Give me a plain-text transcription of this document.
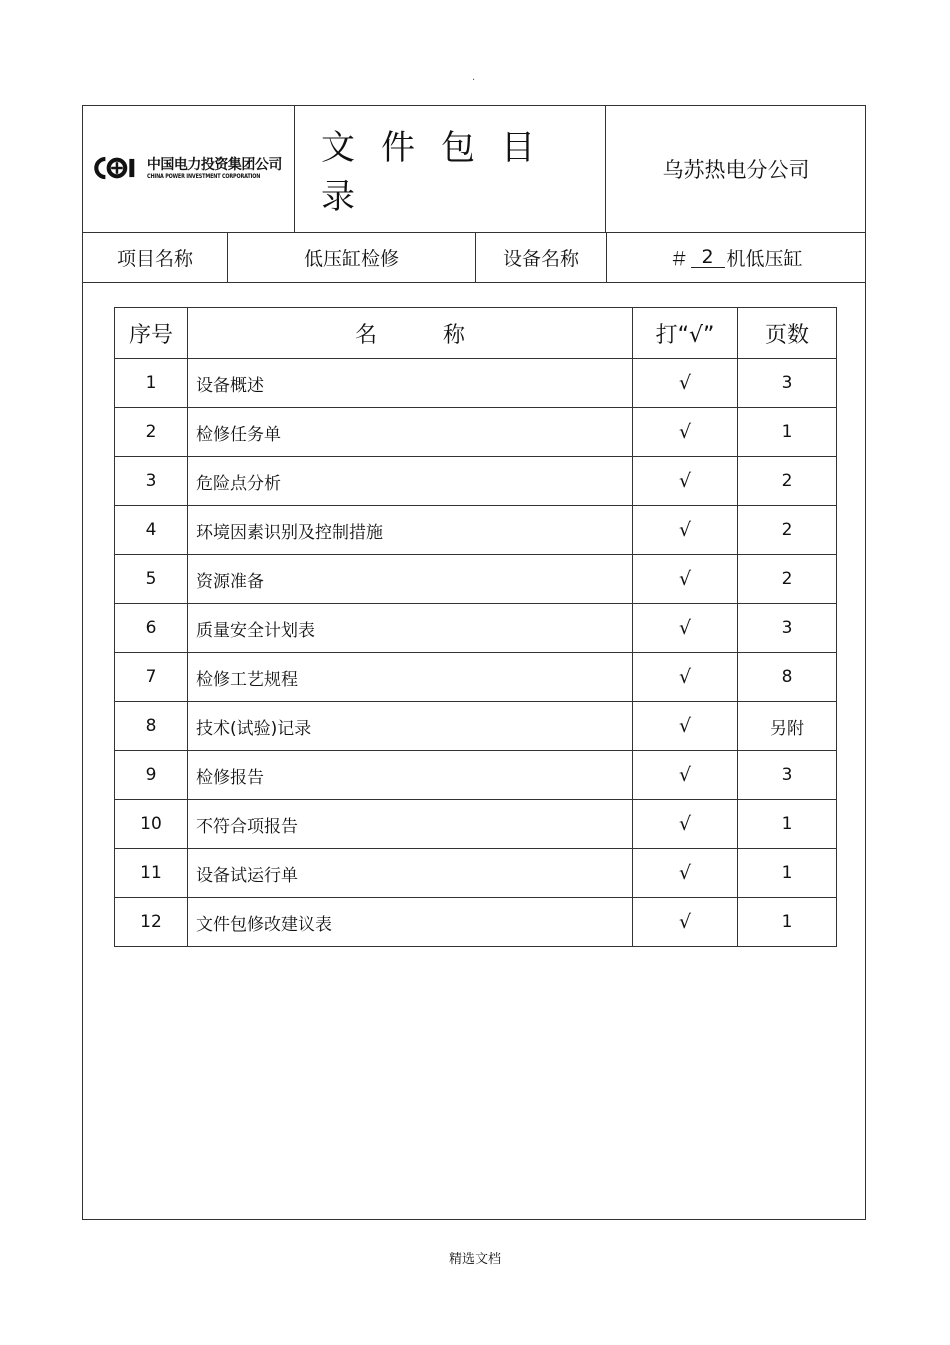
.
中国电力投资集团公司
CHINA POWER INVESTMENT CORPORATION
文件包目录
乌苏热电分公司
项目名称	低压缸检修	设备名称	＃ 2 机低压缸
序号	名称	打“√”	页数
1	设备概述	√	3
2	检修任务单	√	1
3	危险点分析	√	2
4	环境因素识别及控制措施	√	2
5	资源准备	√	2
6	质量安全计划表	√	3
7	检修工艺规程	√	8
8	技术(试验)记录	√	另附
9	检修报告	√	3
10	不符合项报告	√	1
11	设备试运行单	√	1
12	文件包修改建议表	√	1
精选文档
